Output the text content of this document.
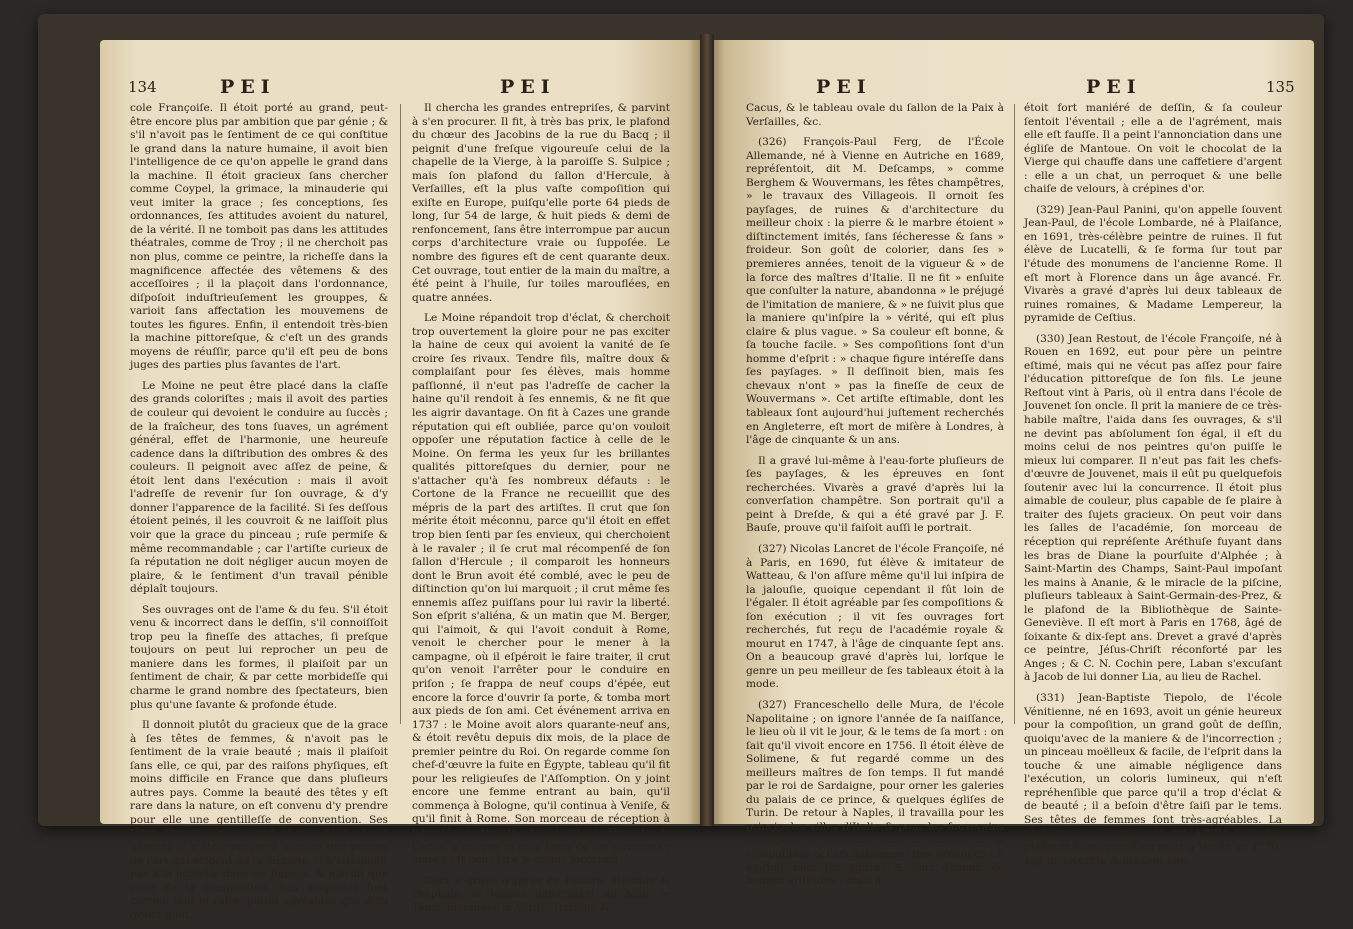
134	PEI	PEI

cole Françoiſe. Il étoit porté au grand, peut-être encore plus par ambition que par génie ; & s'il n'avoit pas le ſentiment de ce qui conſtitue le grand dans la nature humaine, il avoit bien l'intelligence de ce qu'on appelle le grand dans la machine. Il étoit gracieux ſans chercher comme Coypel, la grimace, la minauderie qui veut imiter la grace ; ſes conceptions, ſes ordonnances, ſes attitudes avoient du naturel, de la vérité. Il ne tomboit pas dans les attitudes théatrales, comme de Troy ; il ne cherchoit pas non plus, comme ce peintre, la richeſſe dans la magnificence affectée des vêtemens & des acceſſoires ; il la plaçoit dans l'ordonnance, diſpoſoit induſtrieuſement les grouppes, & varioit ſans affectation les mouvemens de toutes les figures. Enfin, il entendoit très-bien la machine pittoreſque, & c'eſt un des grands moyens de réuſſir, parce qu'il eſt peu de bons juges des parties plus ſavantes de l'art.

Le Moine ne peut être placé dans la claſſe des grands coloriſtes ; mais il avoit des parties de couleur qui devoient le conduire au ſuccès ; de la fraîcheur, des tons ſuaves, un agrément général, effet de l'harmonie, une heureuſe cadence dans la diſtribution des ombres & des couleurs. Il peignoit avec aſſez de peine, & étoit lent dans l'exécution : mais il avoit l'adreſſe de revenir ſur ſon ouvrage, & d'y donner l'apparence de la facilité. Si ſes deſſous étoient peinés, il les couvroit & ne laiſſoit plus voir que la grace du pinceau ; ruſe permiſe & même recommandable ; car l'artiſte curieux de ſa réputation ne doit négliger aucun moyen de plaire, & le ſentiment d'un travail pénible déplaît toujours.

Ses ouvrages ont de l'ame & du feu. S'il étoit venu & incorrect dans le deſſin, s'il connoiſſoit trop peu la fineſſe des attaches, ſi preſque toujours on peut lui reprocher un peu de maniere dans les formes, il plaiſoit par un ſentiment de chair, & par cette morbideſſe qui charme le grand nombre des ſpectateurs, bien plus qu'une ſavante & profonde étude.

Il donnoit plutôt du gracieux que de la grace à ſes têtes de femmes, & n'avoit pas le ſentiment de la vraie beauté ; mais il plaiſoit ſans elle, ce qui, par des raiſons phyſiques, eſt moins difficile en France que dans pluſieurs autres pays. Comme la beauté des têtes y eſt rare dans la nature, on eſt convenu d'y prendre pour elle une gentilleſſe de convention. Ses têtes d'hommes manquent de caractère ; & en général, il n'étoit propre à aucune des parties de l'art qui exigent de la fermeté. Il n'atteignoit pas à la nobleſſe dans les figures, & n'avoit que celle de la compoſition. Ses draperies ſont comme tout le reſte, plutôt agréables que d'un grand goût.

Il chercha les grandes entrepriſes, & parvint à s'en procurer. Il fit, à très bas prix, le plafond du chœur des Jacobins de la rue du Bacq ; il peignit d'une freſque vigoureuſe celui de la chapelle de la Vierge, à la paroiſſe S. Sulpice ; mais ſon plafond du ſallon d'Hercule, à Verſailles, eſt la plus vaſte compoſition qui exiſte en Europe, puiſqu'elle porte 64 pieds de long, ſur 54 de large, & huit pieds & demi de renfoncement, ſans être interrompue par aucun corps d'architecture vraie ou ſuppoſée. Le nombre des figures eſt de cent quarante deux. Cet ouvrage, tout entier de la main du maître, a été peint à l'huile, ſur toiles marouflées, en quatre années.

Le Moine répandoit trop d'éclat, & cherchoit trop ouvertement la gloire pour ne pas exciter la haine de ceux qui avoient la vanité de ſe croire ſes rivaux. Tendre fils, maître doux & complaiſant pour ſes élèves, mais homme paſſionné, il n'eut pas l'adreſſe de cacher la haine qu'il rendoit à ſes ennemis, & ne fit que les aigrir davantage. On fit à Cazes une grande réputation qui eſt oubliée, parce qu'on vouloit oppoſer une réputation factice à celle de le Moine. On ferma les yeux ſur les brillantes qualités pittoreſques du dernier, pour ne s'attacher qu'à ſes nombreux défauts : le Cortone de la France ne recueillit que des mépris de la part des artiſtes. Il crut que ſon mérite étoit méconnu, parce qu'il étoit en effet trop bien ſenti par ſes envieux, qui cherchoient à le ravaler ; il ſe crut mal récompenſé de ſon ſallon d'Hercule ; il comparoit les honneurs dont le Brun avoit été comblé, avec le peu de diſtinction qu'on lui marquoit ; il crut même ſes ennemis aſſez puiſſans pour lui ravir la liberté. Son eſprit s'aliéna, & un matin que M. Berger, qui l'aimoit, & qui l'avoit conduit à Rome, venoit le chercher pour le mener à la campagne, où il eſpéroit le faire traiter, il crut qu'on venoit l'arrêter pour le conduire en priſon ; ſe frappa de neuf coups d'épée, eut encore la force d'ouvrir ſa porte, & tomba mort aux pieds de ſon ami. Cet événement arriva en 1737 : le Moine avoit alors quarante-neuf ans, & étoit revêtu depuis dix mois, de la place de premier peintre du Roi. On regarde comme ſon chef-d'œuvre la fuite en Égypte, tableau qu'il fit pour les religieuſes de l'Aſſomption. On y joint encore une femme entrant au bain, qu'il commença à Bologne, qu'il continua à Veniſe, & qu'il finit à Rome. Son morceau de réception à l'Académie Royale, repréſentant Hercule & Cacus, n'eſt pas le plus beau de ſes ouvrages ; mais il eſt peut être le moins incorrect.

Cars a gravé d'après ce Peintre, Hercule & Omphale, la femme deſcendant au bain, le Tems qui enleve la Vérité, Hercule &

PEI	PEI	135

Cacus, & le tableau ovale du ſallon de la Paix à Verſailles, &c.

(326) François-Paul Ferg, de l'École Allemande, né à Vienne en Autriche en 1689, repréſentoit, dit M. Deſcamps, » comme Berghem & Wouvermans, les fêtes champêtres, » le travaux des Villageois. Il ornoit ſes payſages, de ruines & d'architecture du meilleur choix : la pierre & le marbre étoient » diſtinctement imités, ſans ſécheresse & ſans » froideur. Son goût de colorier, dans ſes » premieres années, tenoit de la vigueur & » de la force des maîtres d'Italie. Il ne fit » enſuite que conſulter la nature, abandonna » le préjugé de l'imitation de maniere, & » ne ſuivit plus que la maniere qu'inſpire la » vérité, qui eſt plus claire & plus vague. » Sa couleur eſt bonne, & ſa touche facile. » Ses compoſitions ſont d'un homme d'eſprit : » chaque figure intéreſſe dans ſes payſages. » Il deſſinoit bien, mais ſes chevaux n'ont » pas la fineſſe de ceux de Wouvermans ». Cet artiſte eſtimable, dont les tableaux ſont aujourd'hui juſtement recherchés en Angleterre, eſt mort de miſère à Londres, à l'âge de cinquante & un ans.

Il a gravé lui-même à l'eau-forte pluſieurs de ſes payſages, & les épreuves en ſont recherchées. Vivarès a gravé d'après lui la converſation champêtre. Son portrait qu'il a peint à Dreſde, & qui a été gravé par J. F. Bauſe, prouve qu'il faiſoit auſſi le portrait.

(327) Nicolas Lancret de l'école Françoiſe, né à Paris, en 1690, fut élève & imitateur de Watteau, & l'on aſſure même qu'il lui inſpira de la jalouſie, quoique cependant il fût loin de l'égaler. Il étoit agréable par ſes compoſitions & ſon exécution ; il vit ſes ouvrages fort recherchés, fut reçu de l'académie royale & mourut en 1747, à l'âge de cinquante ſept ans. On a beaucoup gravé d'après lui, lorſque le genre un peu meilleur de ſes tableaux étoit à la mode.

(327) Franceschello delle Mura, de l'école Napolitaine ; on ignore l'année de ſa naiſſance, le lieu où il vit le jour, & le tems de ſa mort : on ſait qu'il vivoit encore en 1756. Il étoit élève de Solimene, & fut regardé comme un des meilleurs maîtres de ſon temps. Il fut mandé par le roi de Sardaigne, pour orner les galeries du palais de ce prince, & quelques égliſes de Turin. De retour à Naples, il travailla pour les principales villes d'Italie & pour les ſouverains étrangers. Il entendoit bien la richeſſe de la compoſition & l'enchaînement des grouppes : il ajuſtoit bien ſes figures & leur donnoit de bonnes attitudes ; mais il

étoit fort maniéré de deſſin, & ſa couleur ſentoit l'éventail ; elle a de l'agrément, mais elle eſt fauſſe. Il a peint l'annonciation dans une égliſe de Mantoue. On voit le chocolat de la Vierge qui chauffe dans une caffetiere d'argent : elle a un chat, un perroquet & une belle chaiſe de velours, à crépines d'or.

(329) Jean-Paul Panini, qu'on appelle ſouvent Jean-Paul, de l'école Lombarde, né à Plaiſance, en 1691, très-célèbre peintre de ruines. Il fut élève de Lucatelli, & ſe forma ſur tout par l'étude des monumens de l'ancienne Rome. Il eſt mort à Florence dans un âge avancé. Fr. Vivarès a gravé d'après lui deux tableaux de ruines romaines, & Madame Lempereur, la pyramide de Ceſtius.

(330) Jean Restout, de l'école Françoiſe, né à Rouen en 1692, eut pour père un peintre eſtimé, mais qui ne vécut pas aſſez pour faire l'éducation pittoreſque de ſon fils. Le jeune Reſtout vint à Paris, où il entra dans l'école de Jouvenet ſon oncle. Il prit la maniere de ce très-habile maître, l'aida dans ſes ouvrages, & s'il ne devint pas abſolument ſon égal, il eſt du moins celui de nos peintres qu'on puiſſe le mieux lui comparer. Il n'eut pas fait les chefs-d'œuvre de Jouvenet, mais il eût pu quelquefois ſoutenir avec lui la concurrence. Il étoit plus aimable de couleur, plus capable de ſe plaire à traiter des ſujets gracieux. On peut voir dans les ſalles de l'académie, ſon morceau de réception qui repréſente Aréthuſe fuyant dans les bras de Diane la pourſuite d'Alphée ; à Saint-Martin des Champs, Saint-Paul impoſant les mains à Ananie, & le miracle de la piſcine, pluſieurs tableaux à Saint-Germain-des-Prez, & le plafond de la Bibliothèque de Sainte-Geneviève. Il eſt mort à Paris en 1768, âgé de ſoixante & dix-ſept ans. Drevet a gravé d'après ce peintre, Jéſus-Chriſt réconforté par les Anges ; & C. N. Cochin pere, Laban s'excuſant à Jacob de lui donner Lia, au lieu de Rachel.

(331) Jean-Baptiste Tiepolo, de l'école Vénitienne, né en 1693, avoit un génie heureux pour la compoſition, un grand goût de deſſin, quoiqu'avec de la maniere & de l'incorrection ; un pinceau moëlleux & facile, de l'eſprit dans la touche & une aimable négligence dans l'exécution, un coloris lumineux, qui n'eſt repréhenſible que parce qu'il a trop d'éclat & de beauté ; il a beſoin d'être ſaiſi par le tems. Ses têtes de femmes ſont très-agréables. La plupart des ouvrages de cet Artiſte ſont des plafonds à freſque. Il eſt mort à Veniſe en 1770, âgé de ſoixante & dix-ſept ans.
